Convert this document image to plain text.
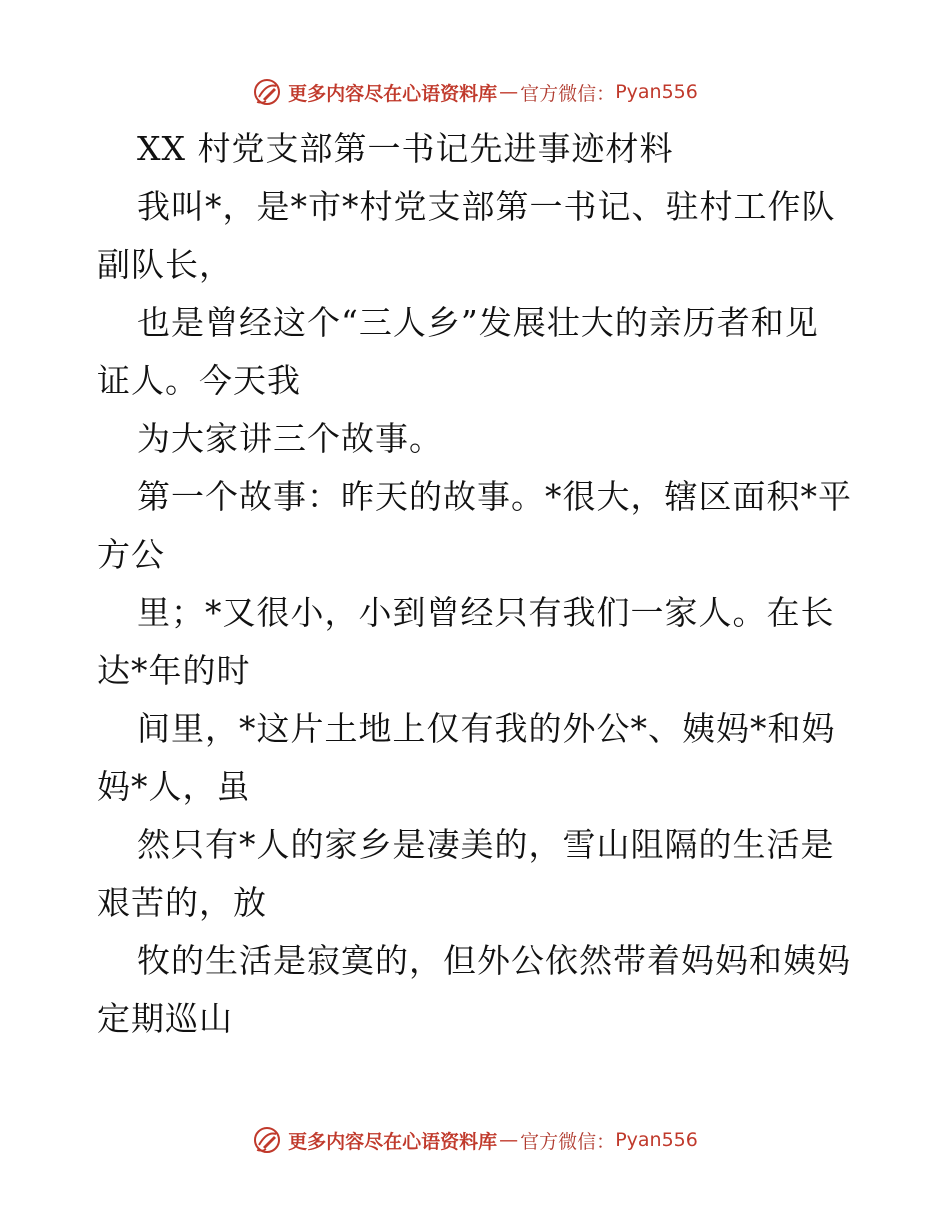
更多内容尽在心语资料库 — 官方微信： Pyan556
XX 村党支部第一书记先进事迹材料
我叫*，是*市*村党支部第一书记、驻村工作队
副队长，
也是曾经这个“三人乡”发展壮大的亲历者和见
证人。今天我
为大家讲三个故事。
第一个故事：昨天的故事。*很大，辖区面积*平
方公
里；*又很小，小到曾经只有我们一家人。在长
达*年的时
间里，*这片土地上仅有我的外公*、姨妈*和妈
妈*人，虽
然只有*人的家乡是凄美的，雪山阻隔的生活是
艰苦的，放
牧的生活是寂寞的，但外公依然带着妈妈和姨妈
定期巡山
更多内容尽在心语资料库 — 官方微信： Pyan556
